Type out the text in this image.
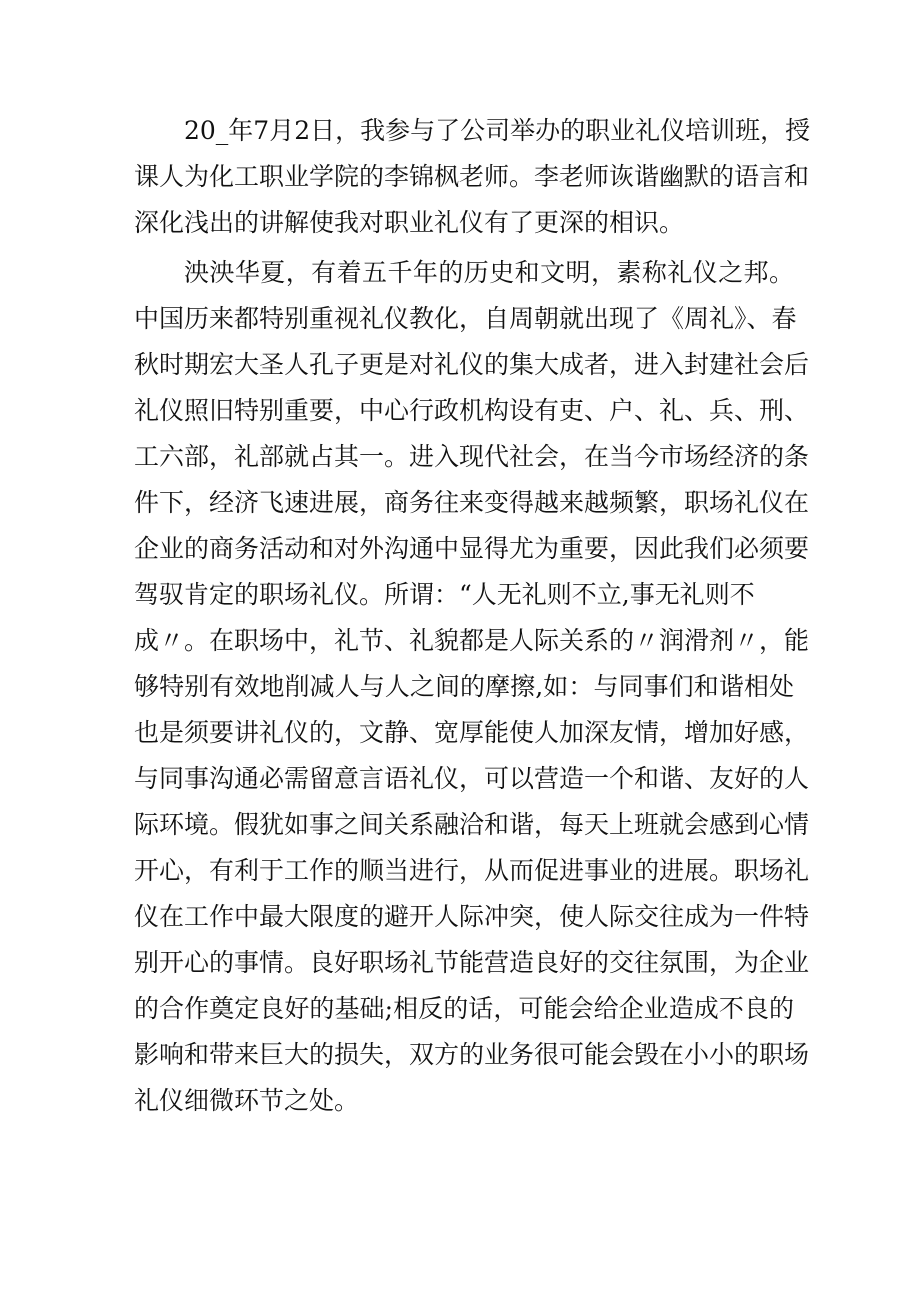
20_年7月2日，我参与了公司举办的职业礼仪培训班，授
课人为化工职业学院的李锦枫老师。李老师诙谐幽默的语言和
深化浅出的讲解使我对职业礼仪有了更深的相识。
泱泱华夏，有着五千年的历史和文明，素称礼仪之邦。
中国历来都特别重视礼仪教化，自周朝就出现了《周礼》、春
秋时期宏大圣人孔子更是对礼仪的集大成者，进入封建社会后
礼仪照旧特别重要，中心行政机构设有吏、户、礼、兵、刑、
工六部，礼部就占其一。进入现代社会，在当今市场经济的条
件下，经济飞速进展，商务往来变得越来越频繁，职场礼仪在
企业的商务活动和对外沟通中显得尤为重要，因此我们必须要
驾驭肯定的职场礼仪。所谓：“人无礼则不立,事无礼则不
成〃。在职场中，礼节、礼貌都是人际关系的〃润滑剂〃，能
够特别有效地削减人与人之间的摩擦,如：与同事们和谐相处
也是须要讲礼仪的，文静、宽厚能使人加深友情，增加好感，
与同事沟通必需留意言语礼仪，可以营造一个和谐、友好的人
际环境。假犹如事之间关系融洽和谐，每天上班就会感到心情
开心，有利于工作的顺当进行，从而促进事业的进展。职场礼
仪在工作中最大限度的避开人际冲突，使人际交往成为一件特
别开心的事情。良好职场礼节能营造良好的交往氛围，为企业
的合作奠定良好的基础;相反的话，可能会给企业造成不良的
影响和带来巨大的损失，双方的业务很可能会毁在小小的职场
礼仪细微环节之处。
